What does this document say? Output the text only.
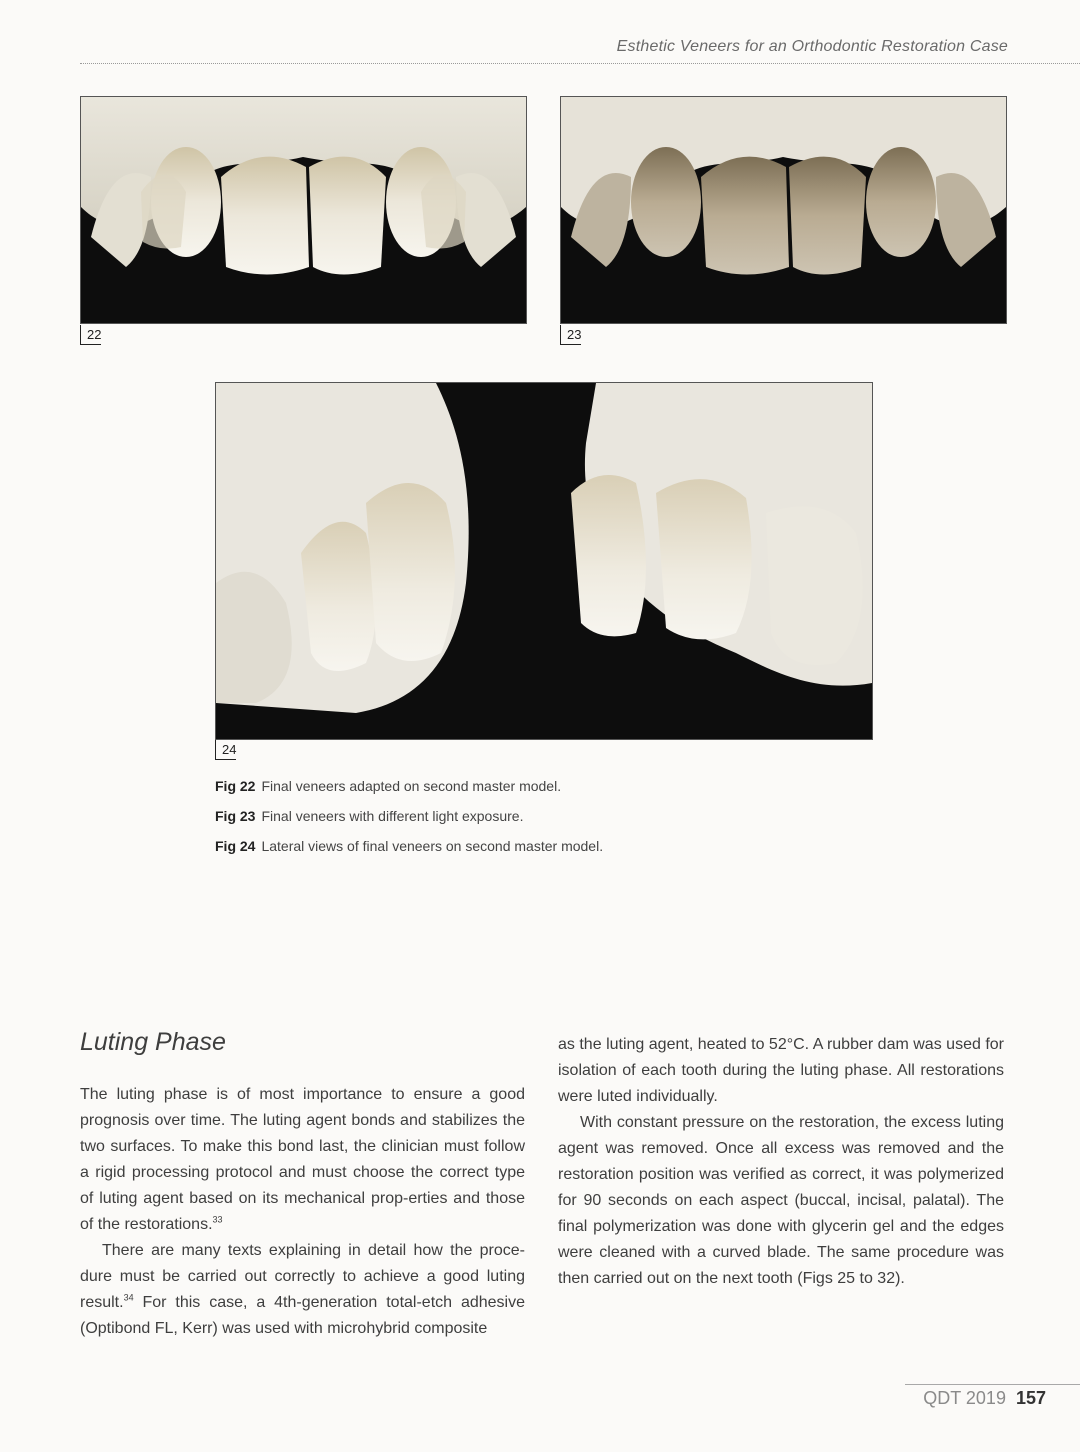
Esthetic Veneers for an Orthodontic Restoration Case
22	23
24
Fig 22 Final veneers adapted on second master model.
Fig 23 Final veneers with different light exposure.
Fig 24 Lateral views of final veneers on second master model.
Luting Phase

The luting phase is of most importance to ensure a good prognosis over time. The luting agent bonds and stabilizes the two surfaces. To make this bond last, the clinician must follow a rigid processing protocol and must choose the correct type of luting agent based on its mechanical prop-erties and those of the restorations.$^{33}$

There are many texts explaining in detail how the proce-dure must be carried out correctly to achieve a good luting result.$^{34}$ For this case, a 4th-generation total-etch adhesive (Optibond FL, Kerr) was used with microhybrid composite

as the luting agent, heated to 52°C. A rubber dam was used for isolation of each tooth during the luting phase. All restorations were luted individually.

With constant pressure on the restoration, the excess luting agent was removed. Once all excess was removed and the restoration position was verified as correct, it was polymerized for 90 seconds on each aspect (buccal, incisal, palatal). The final polymerization was done with glycerin gel and the edges were cleaned with a curved blade. The same procedure was then carried out on the next tooth (Figs 25 to 32).

QDT 2019 157
